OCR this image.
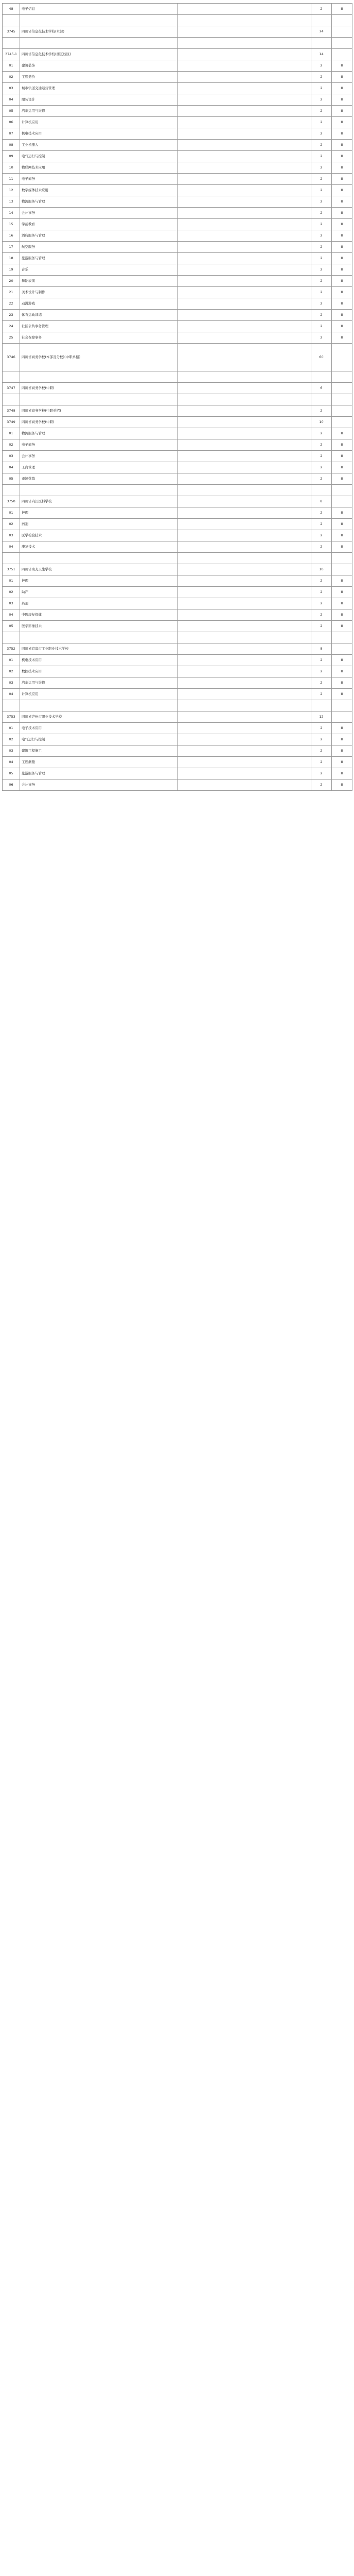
48	电子信息		2	Ⅲ

3745	四川省信息化技术学校(本部)		74	

3745-1	四川省信息化技术学校(西区校区)		14	
01	建筑装饰		2	Ⅲ
02	工程造价		2	Ⅲ
03	城市轨道交通运营管理		2	Ⅲ
04	服装设计		2	Ⅲ
05	汽车运用与维修		2	Ⅲ
06	计算机应用		2	Ⅲ
07	机电技术应用		2	Ⅲ
08	工业机器人		2	Ⅲ
09	电气运行与控制		2	Ⅲ
10	物联网技术应用		2	Ⅲ
11	电子商务		2	Ⅲ
12	数字媒体技术应用		2	Ⅲ
13	物流服务与管理		2	Ⅲ
14	会计事务		2	Ⅲ
15	学前教育		2	Ⅲ
16	酒店服务与管理		2	Ⅲ
17	航空服务		2	Ⅲ
18	旅游服务与管理		2	Ⅲ
19	音乐		2	Ⅲ
20	舞蹈表演		2	Ⅲ
21	美术设计与制作		2	Ⅲ
22	动漫游戏		2	Ⅲ
23	体育运动训练		2	Ⅲ
24	社区公共事务管理		2	Ⅲ
25	社会保障事务		2	Ⅲ
3746	四川省商务学校(本部及分校)(中职单招)		60	

3747	四川省商务学校(中职)		6	

3748	四川省商务学校(中职单招)		2	
3749	四川省商务学校(中职)		10	
01	物流服务与管理		2	Ⅲ
02	电子商务		2	Ⅲ
03	会计事务		2	Ⅲ
04	工商管理		2	Ⅲ
05	市场营销		2	Ⅲ

3750	四川省内江医科学校		8	
01	护理		2	Ⅲ
02	药剂		2	Ⅲ
03	医学检验技术		2	Ⅲ
04	康复技术		2	Ⅲ

3751	四川省南充卫生学校		10	
01	护理		2	Ⅲ
02	助产		2	Ⅲ
03	药剂		2	Ⅲ
04	中医康复保健		2	Ⅲ
05	医学影像技术		2	Ⅲ

3752	四川省宜宾市工业职业技术学校		8	
01	机电技术应用		2	Ⅲ
02	数控技术应用		2	Ⅲ
03	汽车运用与维修		2	Ⅲ
04	计算机应用		2	Ⅲ

3753	四川省泸州市职业技术学校		12	
01	电子技术应用		2	Ⅲ
02	电气运行与控制		2	Ⅲ
03	建筑工程施工		2	Ⅲ
04	工程测量		2	Ⅲ
05	旅游服务与管理		2	Ⅲ
06	会计事务		2	Ⅲ
